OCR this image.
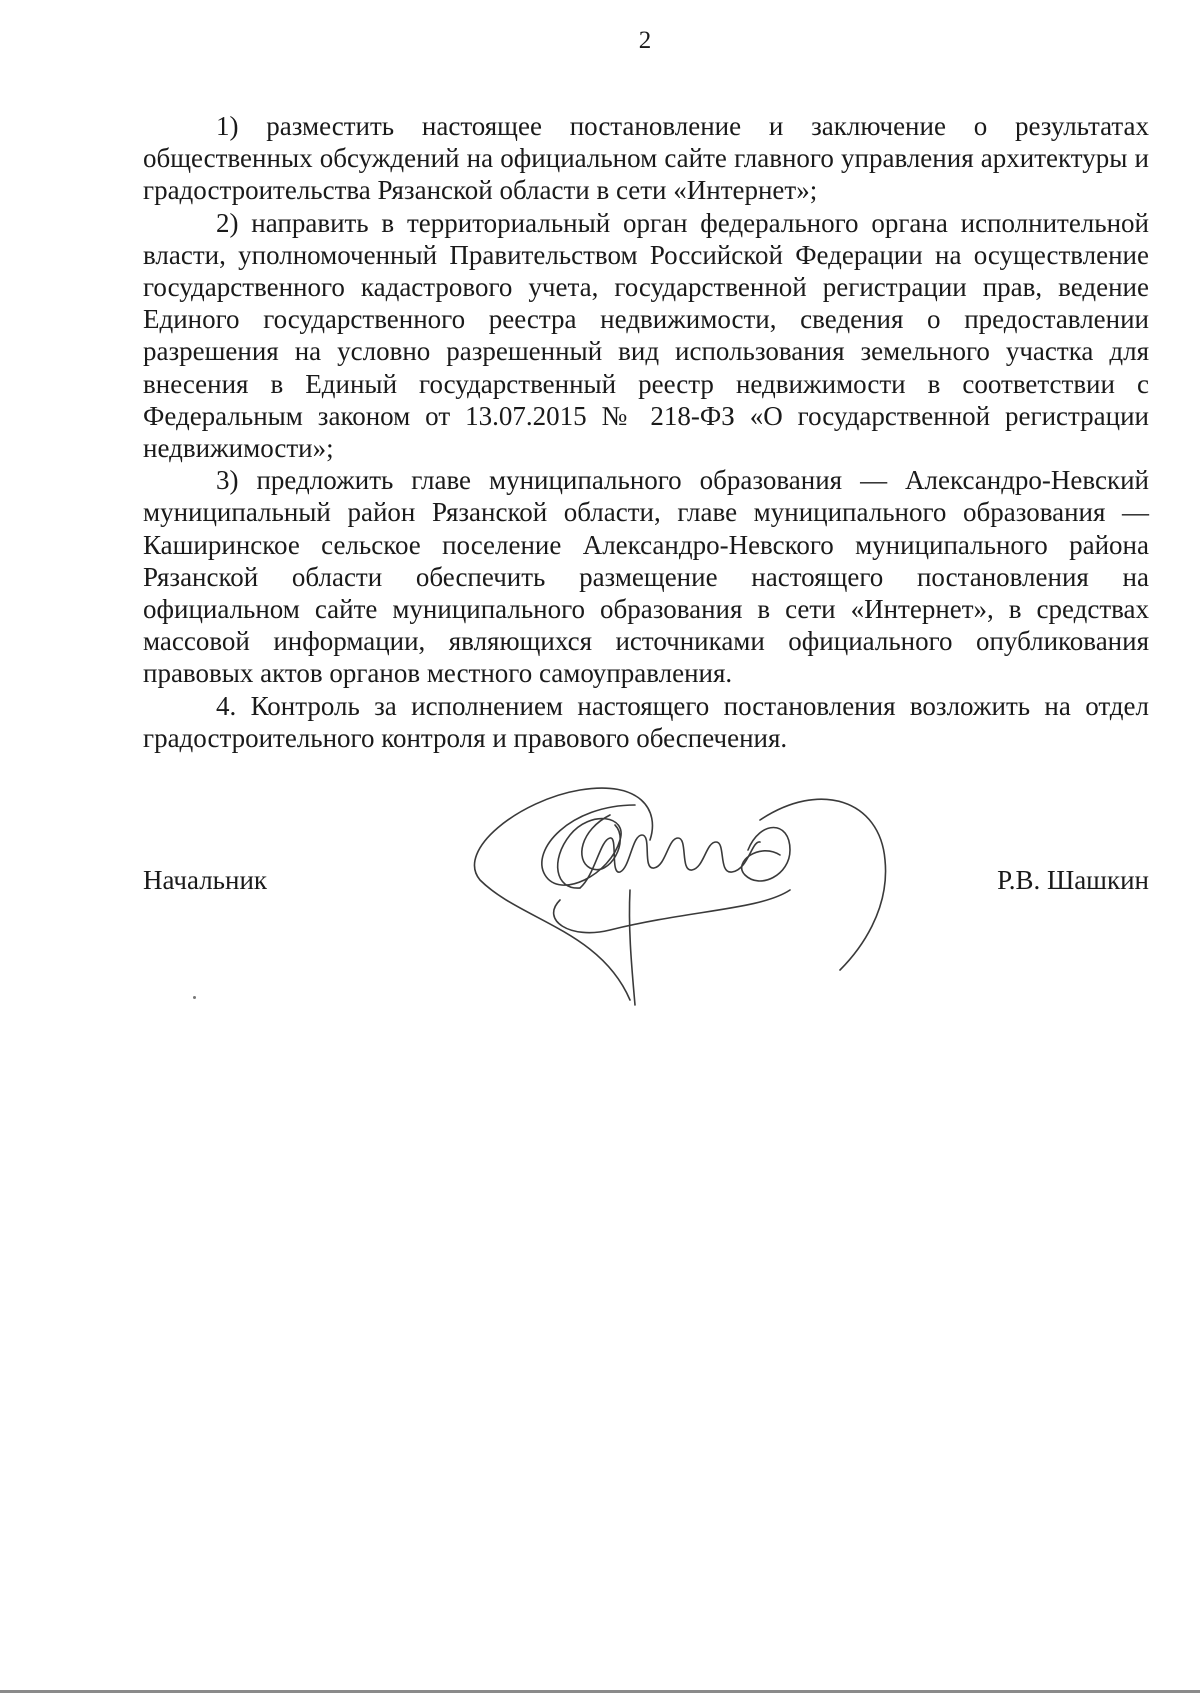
2

1) разместить настоящее постановление и заключение о результатах общественных обсуждений на официальном сайте главного управления архитектуры и градостроительства Рязанской области в сети «Интернет»;

2) направить в территориальный орган федерального органа исполнительной власти, уполномоченный Правительством Российской Федерации на осуществление государственного кадастрового учета, государственной регистрации прав, ведение Единого государственного реестра недвижимости, сведения о предоставлении разрешения на условно разрешенный вид использования земельного участка для внесения в Единый государственный реестр недвижимости в соответствии с Федеральным законом от 13.07.2015 № 218-ФЗ «О государственной регистрации недвижимости»;

3) предложить главе муниципального образования — Александро-Невский муниципальный район Рязанской области, главе муниципального образования — Каширинское сельское поселение Александро-Невского муниципального района Рязанской области обеспечить размещение настоящего постановления на официальном сайте муниципального образования в сети «Интернет», в средствах массовой информации, являющихся источниками официального опубликования правовых актов органов местного самоуправления.

4. Контроль за исполнением настоящего постановления возложить на отдел градостроительного контроля и правового обеспечения.

Начальник	Р.В. Шашкин
